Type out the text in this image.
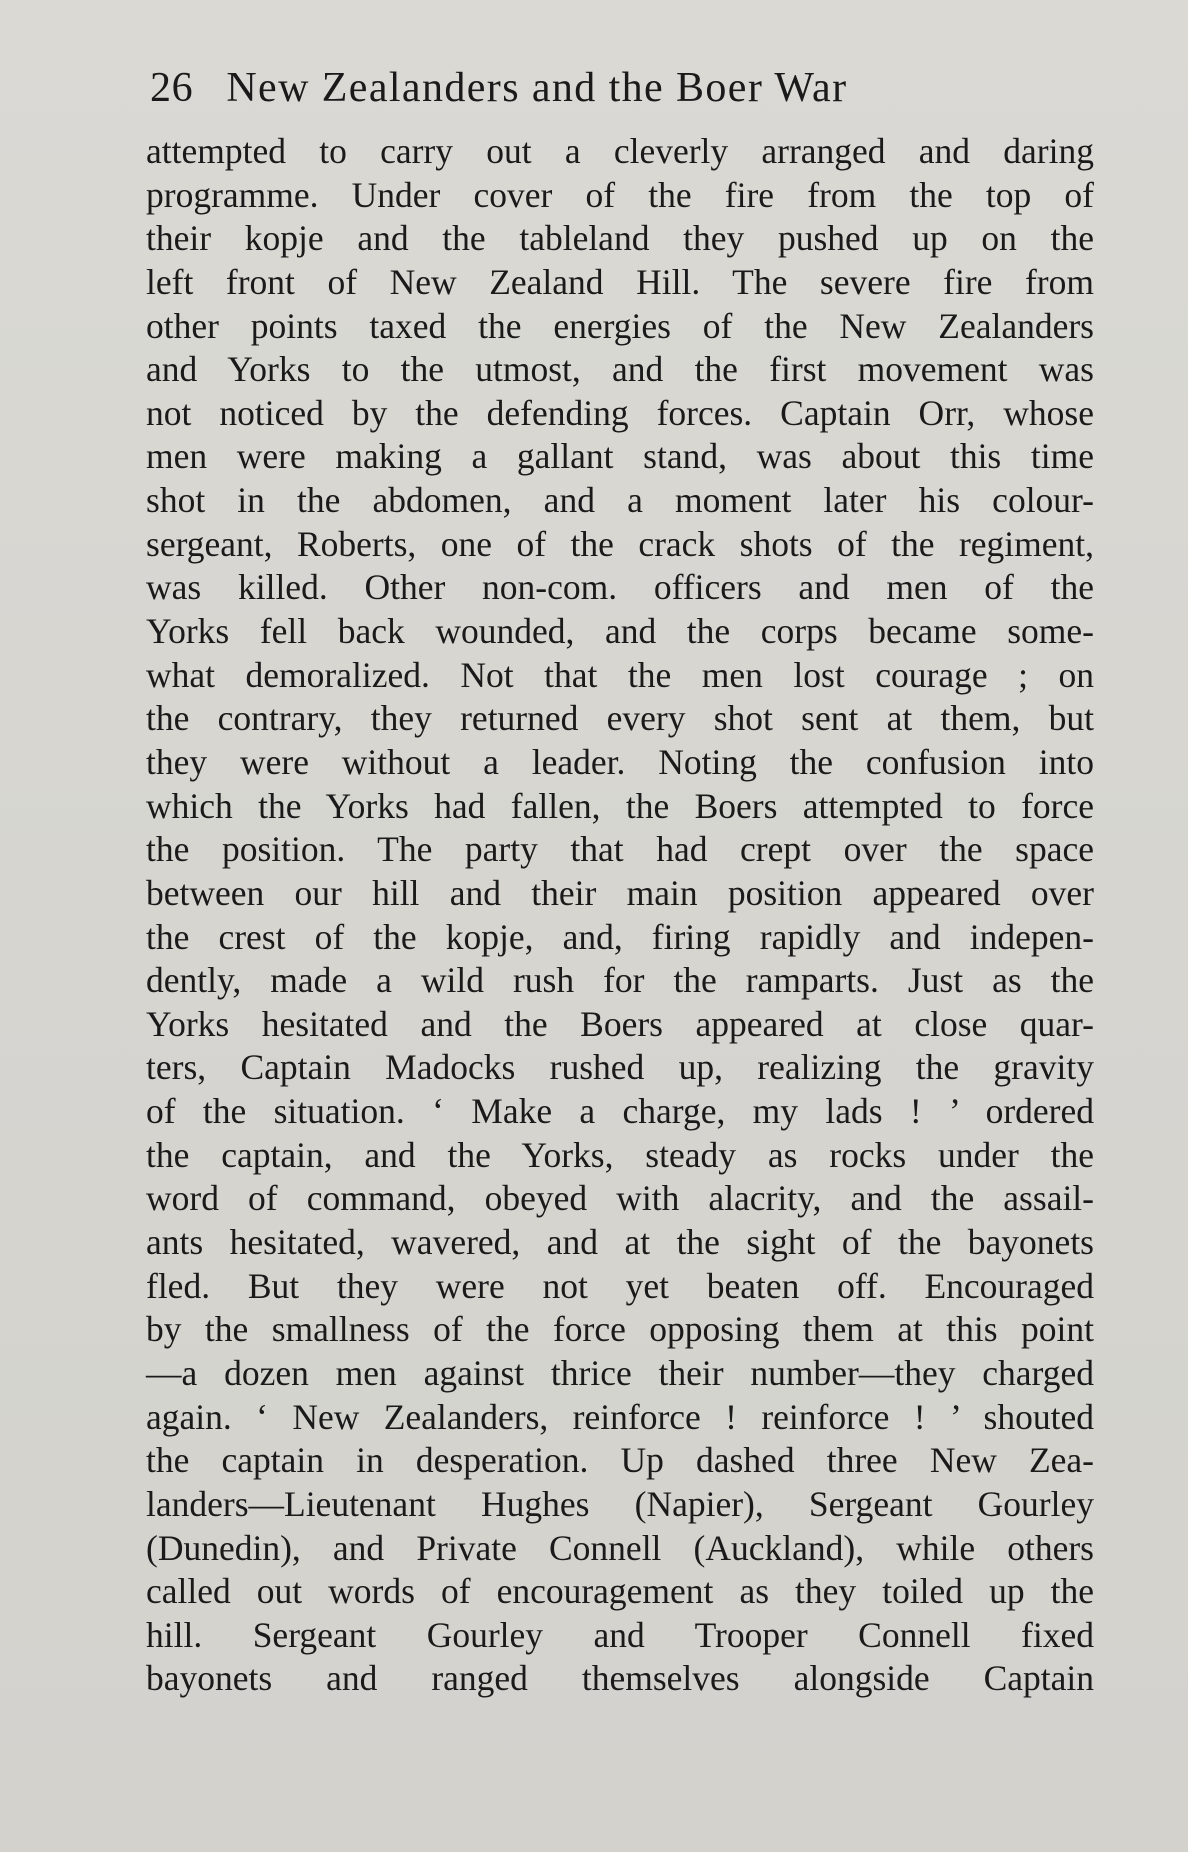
26 New Zealanders and the Boer War
attempted to carry out a cleverly arranged and daring
programme. Under cover of the fire from the top of
their kopje and the tableland they pushed up on the
left front of New Zealand Hill. The severe fire from
other points taxed the energies of the New Zealanders
and Yorks to the utmost, and the first movement was
not noticed by the defending forces. Captain Orr, whose
men were making a gallant stand, was about this time
shot in the abdomen, and a moment later his colour-
sergeant, Roberts, one of the crack shots of the regiment,
was killed. Other non-com. officers and men of the
Yorks fell back wounded, and the corps became some-
what demoralized. Not that the men lost courage ; on
the contrary, they returned every shot sent at them, but
they were without a leader. Noting the confusion into
which the Yorks had fallen, the Boers attempted to force
the position. The party that had crept over the space
between our hill and their main position appeared over
the crest of the kopje, and, firing rapidly and indepen-
dently, made a wild rush for the ramparts. Just as the
Yorks hesitated and the Boers appeared at close quar-
ters, Captain Madocks rushed up, realizing the gravity
of the situation. ‘ Make a charge, my lads ! ’ ordered
the captain, and the Yorks, steady as rocks under the
word of command, obeyed with alacrity, and the assail-
ants hesitated, wavered, and at the sight of the bayonets
fled. But they were not yet beaten off. Encouraged
by the smallness of the force opposing them at this point
—a dozen men against thrice their number—they charged
again. ‘ New Zealanders, reinforce ! reinforce ! ’ shouted
the captain in desperation. Up dashed three New Zea-
landers—Lieutenant Hughes (Napier), Sergeant Gourley
(Dunedin), and Private Connell (Auckland), while others
called out words of encouragement as they toiled up the
hill. Sergeant Gourley and Trooper Connell fixed
bayonets and ranged themselves alongside Captain
